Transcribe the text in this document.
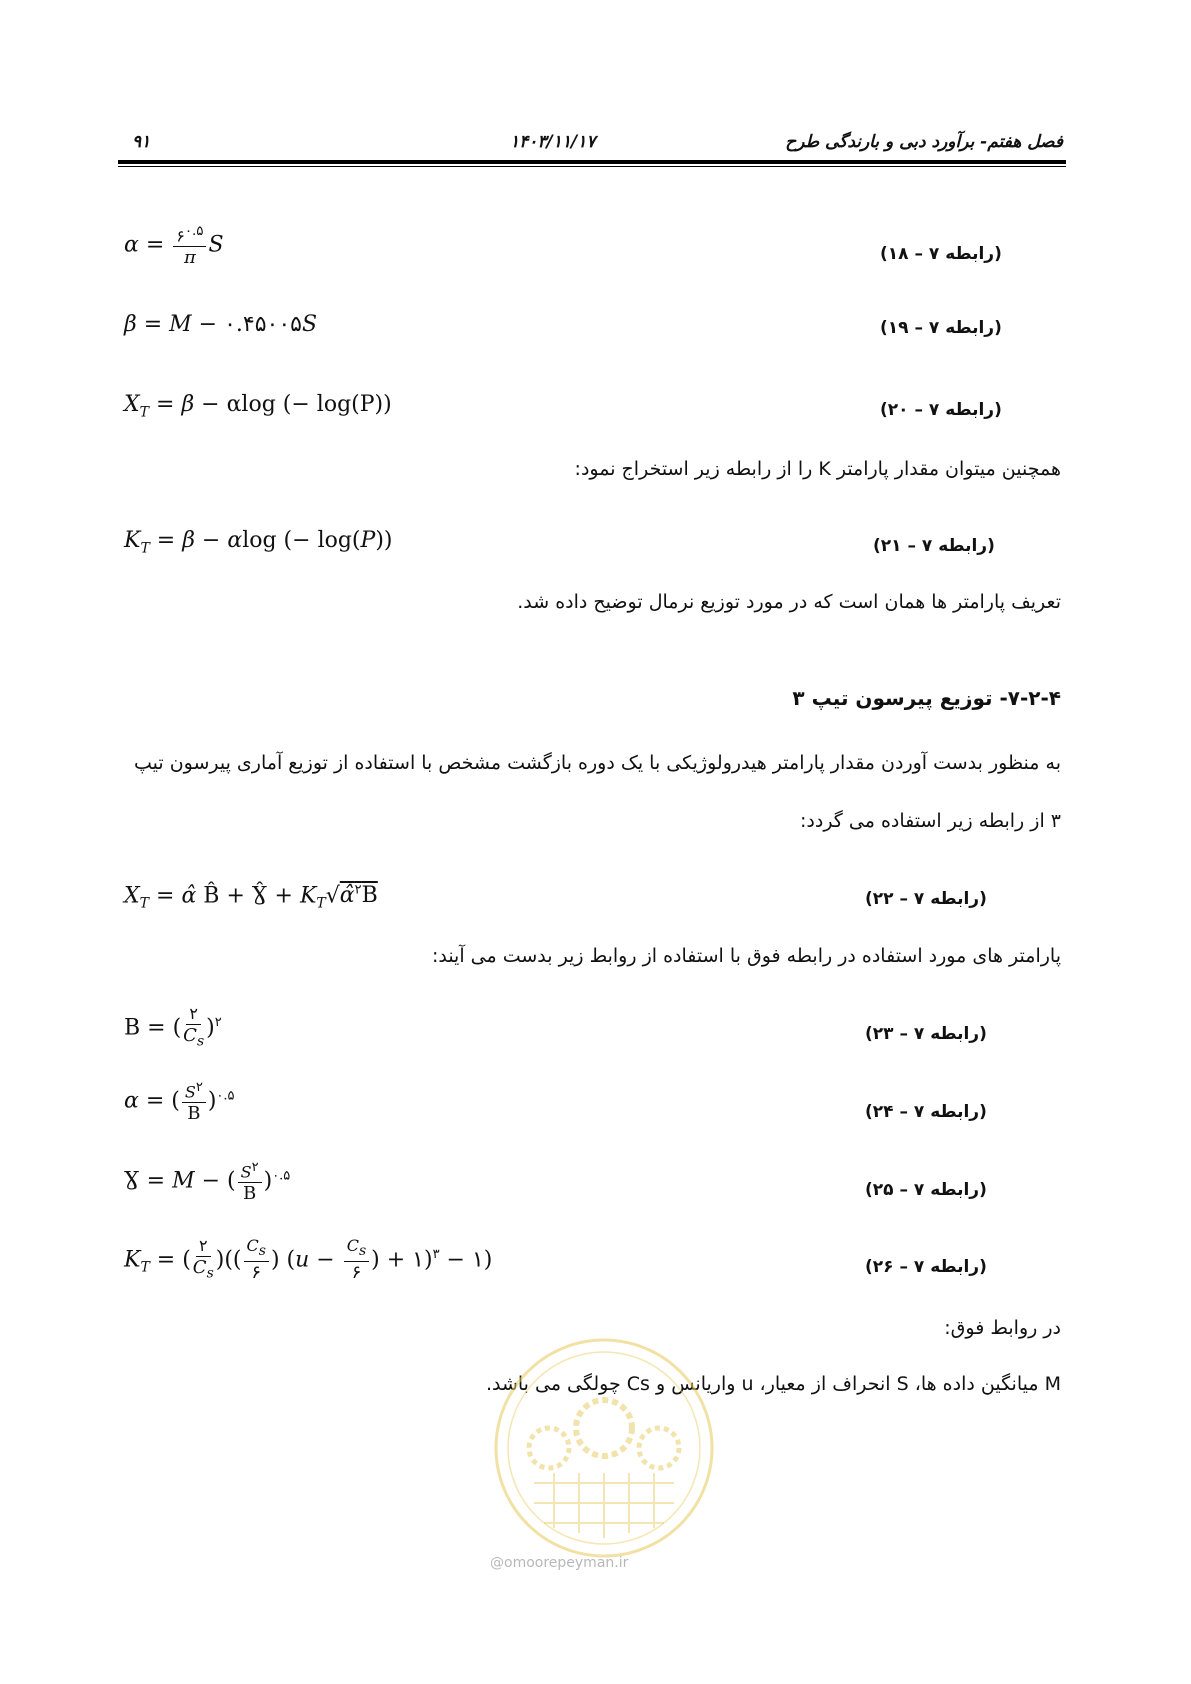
۹۱	۱۴۰۳/۱۱/۱۷	فصل هفتم- برآورد دبی و بارندگی طرح
$\alpha = \frac{۶^{۰.۵}}{\pi}$ S	(رابطه ۷ – ۱۸)
β = M − ۰.۴۵۰۰۵S	(رابطه ۷ – ۱۹)
$X_T = \beta - \alpha\log$ (− log(P))	(رابطه ۷ – ۲۰)
همچنین میتوان مقدار پارامتر K را از رابطه زیر استخراج نمود:
$K_T = \beta - \alpha\log$ (− log(P))	(رابطه ۷ – ۲۱)
تعریف پارامتر ها همان است که در مورد توزیع نرمال توضیح داده شد.
۷-۲-۴- توزیع پیرسون تیپ ۳
به منظور بدست آوردن مقدار پارامتر هیدرولوژیکی با یک دوره بازگشت مشخص با استفاده از توزیع آماری پیرسون تیپ
۳ از رابطه زیر استفاده می گردد:
$X_T$ = α̂ B̂ + Ɣ̂ + $K_T√\alphâ^۲B$	(رابطه ۷ – ۲۲)
پارامتر های مورد استفاده در رابطه فوق با استفاده از روابط زیر بدست می آیند:
B = ( $\frac{۲}{C_s} )^۲$
(رابطه ۷ – ۲۳)
α = ( $\frac{S^۲}{B} )^{۰.۵}$
(رابطه ۷ – ۲۴)
Ɣ = M − ( $\frac{S^۲}{B} )^{۰.۵}$
(رابطه ۷ – ۲۵)
$K_T$ = ( $\frac{۲}{C_s}$ )(( $\frac{Cs}{۶}$ ) ($u - \frac{Cs}{۶}$ ) + ۱)$^۳$ − ۱)	(رابطه ۷ – ۲۶)
در روابط فوق:
M میانگین داده ها، S انحراف از معیار، u واریانس و Cs چولگی می باشد.
@omoorepeyman.ir
